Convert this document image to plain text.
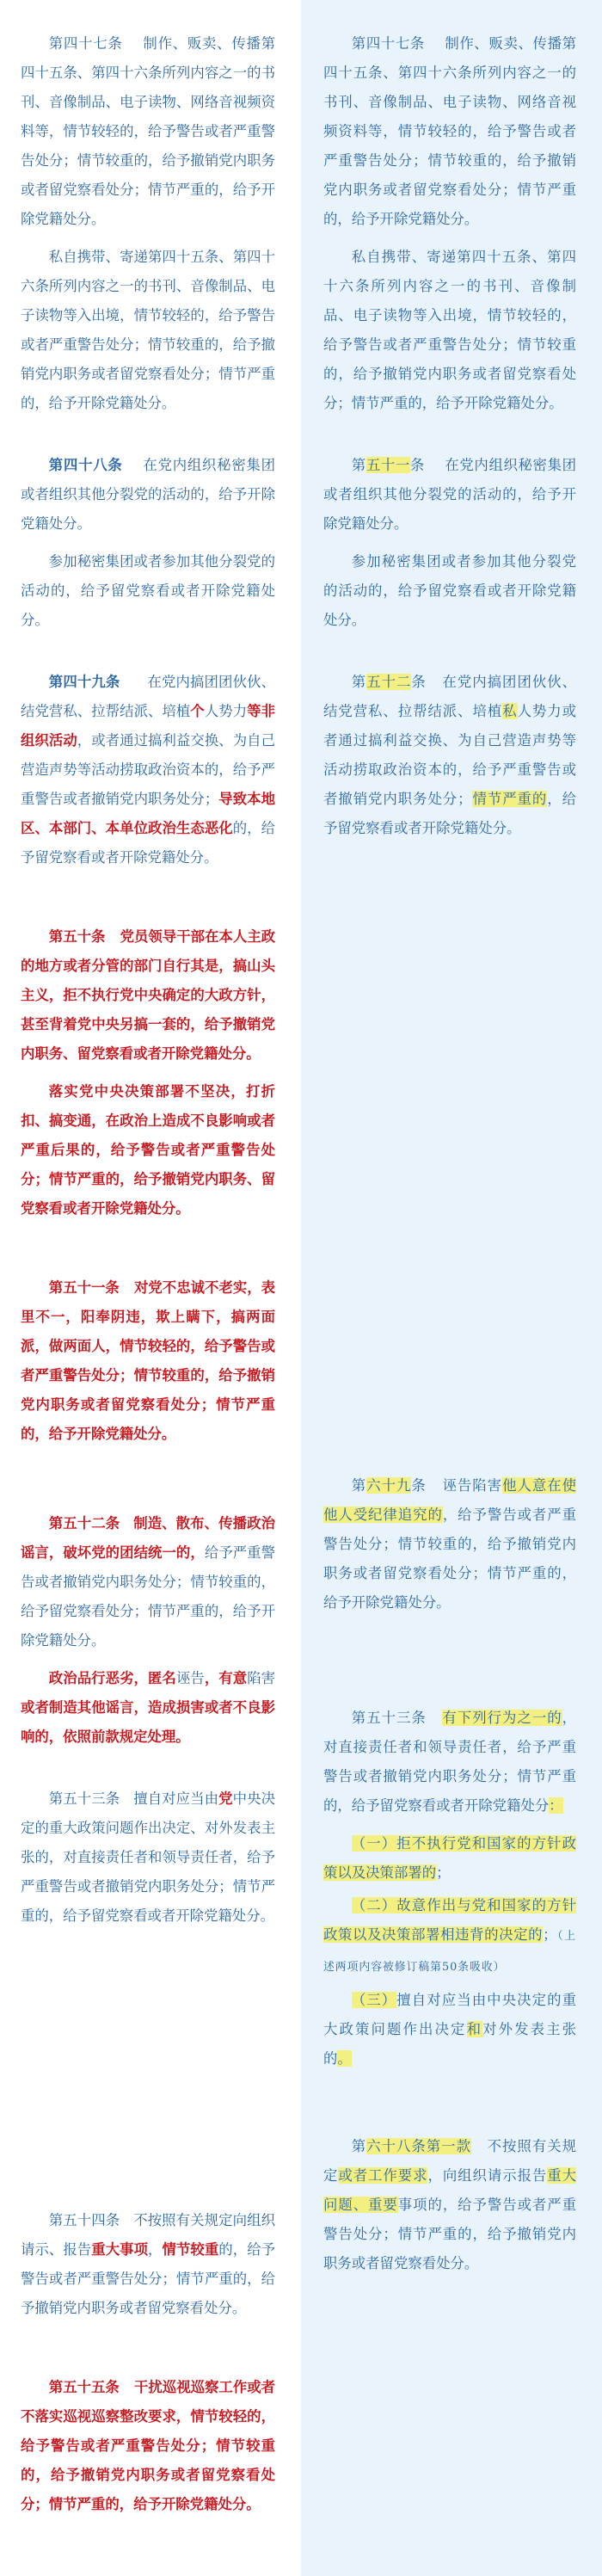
第四十七条 制作、贩卖、传播第四十五条、第四十六条所列内容之一的书刊、音像制品、电子读物、网络音视频资料等，情节较轻的，给予警告或者严重警告处分；情节较重的，给予撤销党内职务或者留党察看处分；情节严重的，给予开除党籍处分。

私自携带、寄递第四十五条、第四十六条所列内容之一的书刊、音像制品、电子读物等入出境，情节较轻的，给予警告或者严重警告处分；情节较重的，给予撤销党内职务或者留党察看处分；情节严重的，给予开除党籍处分。

第四十八条 在党内组织秘密集团或者组织其他分裂党的活动的，给予开除党籍处分。

参加秘密集团或者参加其他分裂党的活动的，给予留党察看或者开除党籍处分。

第四十九条 在党内搞团团伙伙、结党营私、拉帮结派、培植个人势力等非组织活动，或者通过搞利益交换、为自己营造声势等活动捞取政治资本的，给予严重警告或者撤销党内职务处分；导致本地区、本部门、本单位政治生态恶化的，给予留党察看或者开除党籍处分。

第五十条 党员领导干部在本人主政的地方或者分管的部门自行其是，搞山头主义，拒不执行党中央确定的大政方针，甚至背着党中央另搞一套的，给予撤销党内职务、留党察看或者开除党籍处分。

落实党中央决策部署不坚决，打折扣、搞变通，在政治上造成不良影响或者严重后果的，给予警告或者严重警告处分；情节严重的，给予撤销党内职务、留党察看或者开除党籍处分。

第五十一条 对党不忠诚不老实，表里不一，阳奉阴违，欺上瞒下，搞两面派，做两面人，情节较轻的，给予警告或者严重警告处分；情节较重的，给予撤销党内职务或者留党察看处分；情节严重的，给予开除党籍处分。

第五十二条 制造、散布、传播政治谣言，破坏党的团结统一的，给予严重警告或者撤销党内职务处分；情节较重的，给予留党察看处分；情节严重的，给予开除党籍处分。

政治品行恶劣，匿名诬告，有意陷害或者制造其他谣言，造成损害或者不良影响的，依照前款规定处理。

第五十三条 擅自对应当由党中央决定的重大政策问题作出决定、对外发表主张的，对直接责任者和领导责任者，给予严重警告或者撤销党内职务处分；情节严重的，给予留党察看或者开除党籍处分。

第五十四条 不按照有关规定向组织请示、报告重大事项，情节较重的，给予警告或者严重警告处分；情节严重的，给予撤销党内职务或者留党察看处分。

第五十五条 干扰巡视巡察工作或者不落实巡视巡察整改要求，情节较轻的，给予警告或者严重警告处分；情节较重的，给予撤销党内职务或者留党察看处分；情节严重的，给予开除党籍处分。

第四十七条 制作、贩卖、传播第四十五条、第四十六条所列内容之一的书刊、音像制品、电子读物、网络音视频资料等，情节较轻的，给予警告或者严重警告处分；情节较重的，给予撤销党内职务或者留党察看处分；情节严重的，给予开除党籍处分。

私自携带、寄递第四十五条、第四十六条所列内容之一的书刊、音像制品、电子读物等入出境，情节较轻的，给予警告或者严重警告处分；情节较重的，给予撤销党内职务或者留党察看处分；情节严重的，给予开除党籍处分。

第五十一条 在党内组织秘密集团或者组织其他分裂党的活动的，给予开除党籍处分。

参加秘密集团或者参加其他分裂党的活动的，给予留党察看或者开除党籍处分。

第五十二条 在党内搞团团伙伙、结党营私、拉帮结派、培植私人势力或者通过搞利益交换、为自己营造声势等活动捞取政治资本的，给予严重警告或者撤销党内职务处分；情节严重的，给予留党察看或者开除党籍处分。

第六十九条 诬告陷害他人意在使他人受纪律追究的，给予警告或者严重警告处分；情节较重的，给予撤销党内职务或者留党察看处分；情节严重的，给予开除党籍处分。

第五十三条 有下列行为之一的，对直接责任者和领导责任者，给予严重警告或者撤销党内职务处分；情节严重的，给予留党察看或者开除党籍处分：

（一）拒不执行党和国家的方针政策以及决策部署的；

（二）故意作出与党和国家的方针政策以及决策部署相违背的决定的；（上述两项内容被修订稿第50条吸收）

（三）擅自对应当由中央决定的重大政策问题作出决定和对外发表主张的。

第六十八条第一款 不按照有关规定或者工作要求，向组织请示报告重大问题、重要事项的，给予警告或者严重警告处分；情节严重的，给予撤销党内职务或者留党察看处分。
